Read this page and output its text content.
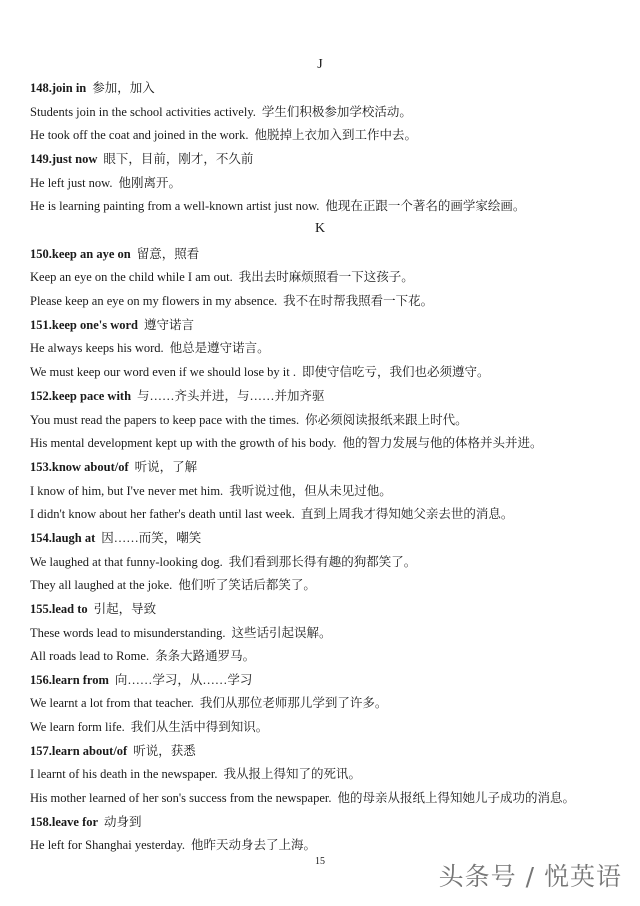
J
148.join in 参加，加入
Students join in the school activities actively. 学生们积极参加学校活动。
He took off the coat and joined in the work. 他脱掉上衣加入到工作中去。
149.just now 眼下，目前，刚才，不久前
He left just now. 他刚离开。
He is learning painting from a well-known artist just now. 他现在正跟一个著名的画学家绘画。
K
150.keep an aye on 留意，照看
Keep an eye on the child while I am out. 我出去时麻烦照看一下这孩子。
Please keep an eye on my flowers in my absence. 我不在时帮我照看一下花。
151.keep one's word 遵守诺言
He always keeps his word. 他总是遵守诺言。
We must keep our word even if we should lose by it . 即使守信吃亏，我们也必须遵守。
152.keep pace with 与……齐头并进，与……并加齐驱
You must read the papers to keep pace with the times. 你必须阅读报纸来跟上时代。
His mental development kept up with the growth of his body. 他的智力发展与他的体格并头并进。
153.know about/of 听说，了解
I know of him, but I've never met him. 我听说过他，但从未见过他。
I didn't know about her father's death until last week. 直到上周我才得知她父亲去世的消息。
154.laugh at 因……而笑，嘲笑
We laughed at that funny-looking dog. 我们看到那长得有趣的狗都笑了。
They all laughed at the joke. 他们听了笑话后都笑了。
155.lead to 引起，导致
These words lead to misunderstanding. 这些话引起误解。
All roads lead to Rome. 条条大路通罗马。
156.learn from 向……学习，从……学习
We learnt a lot from that teacher. 我们从那位老师那儿学到了许多。
We learn form life. 我们从生活中得到知识。
157.learn about/of 听说，获悉
I learnt of his death in the newspaper. 我从报上得知了的死讯。
His mother learned of her son's success from the newspaper. 他的母亲从报纸上得知她儿子成功的消息。
158.leave for 动身到
He left for Shanghai yesterday. 他昨天动身去了上海。
15
头条号 / 悦英语
